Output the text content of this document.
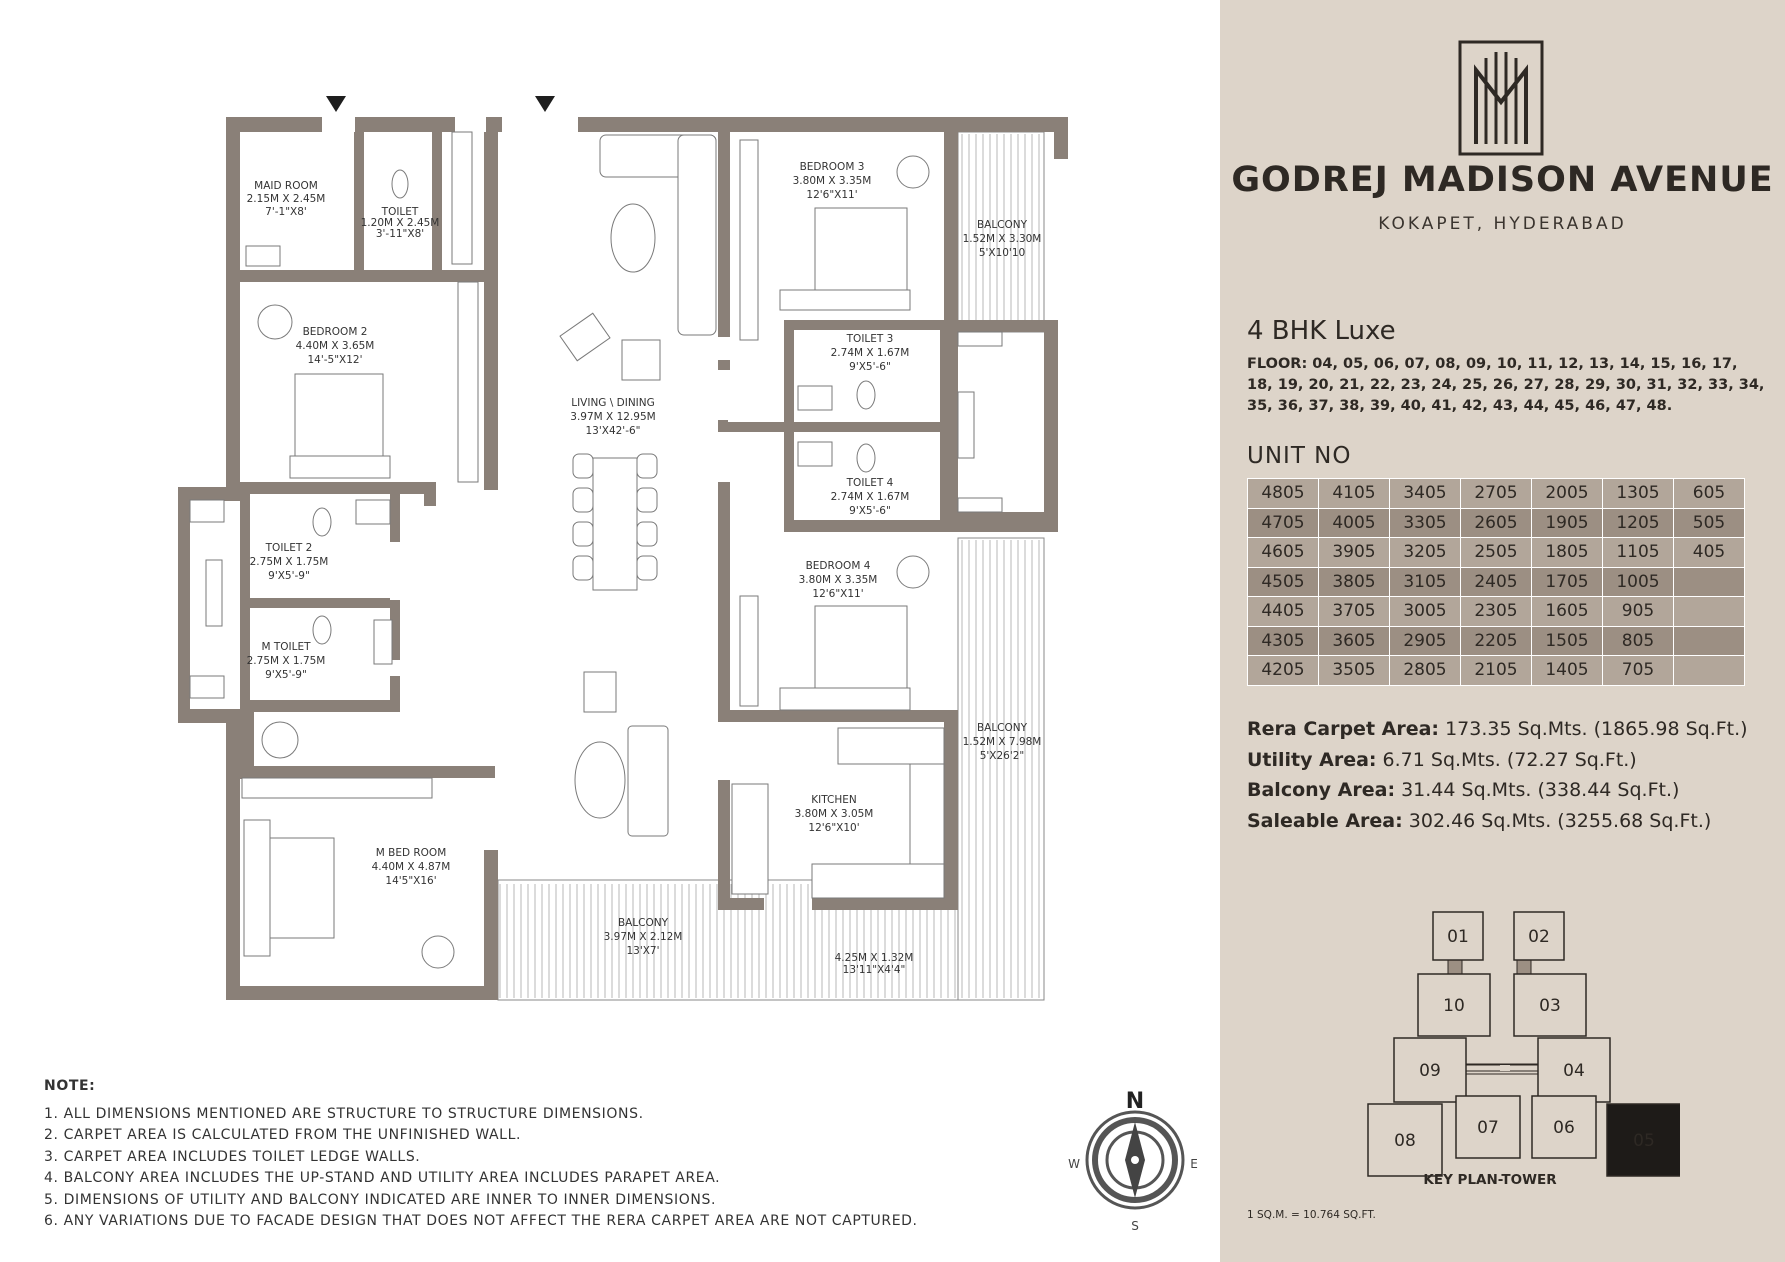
MAID ROOM 2.15M X 2.45M 7'-1"X8'	TOILET 1.20M X 2.45M 3'-11"X8'
BEDROOM 3 3.80M X 3.35M 12'6"X11'
BALCONY 1.52M X 3.30M 5'X10'10
BEDROOM 2 4.40M X 3.65M 14'-5"X12'
TOILET 3 2.74M X 1.67M 9'X5'-6"
LIVING \ DINING 3.97M X 12.95M 13'X42'-6"
TOILET 4 2.74M X 1.67M 9'X5'-6"
TOILET 2 2.75M X 1.75M 9'X5'-9"
BEDROOM 4 3.80M X 3.35M 12'6"X11'
M TOILET 2.75M X 1.75M 9'X5'-9"
BALCONY 1.52M X 7.98M 5'X26'2"
KITCHEN 3.80M X 3.05M 12'6"X10'
M BED ROOM 4.40M X 4.87M 14'5"X16'
BALCONY 3.97M X 2.12M 13'X7'
4.25M X 1.32M 13'11"X4'4"
N
S
E
W
NOTE:
1. ALL DIMENSIONS MENTIONED ARE STRUCTURE TO STRUCTURE DIMENSIONS.
2. CARPET AREA IS CALCULATED FROM THE UNFINISHED WALL.
3. CARPET AREA INCLUDES TOILET LEDGE WALLS.
4. BALCONY AREA INCLUDES THE UP-STAND AND UTILITY AREA INCLUDES PARAPET AREA.
5. DIMENSIONS OF UTILITY AND BALCONY INDICATED ARE INNER TO INNER DIMENSIONS.
6. ANY VARIATIONS DUE TO FACADE DESIGN THAT DOES NOT AFFECT THE RERA CARPET AREA ARE NOT CAPTURED.
GODREJ MADISON AVENUE
KOKAPET, HYDERABAD
4 BHK Luxe
FLOOR: 04, 05, 06, 07, 08, 09, 10, 11, 12, 13, 14, 15, 16, 17, 18, 19, 20, 21, 22, 23, 24, 25, 26, 27, 28, 29, 30, 31, 32, 33, 34, 35, 36, 37, 38, 39, 40, 41, 42, 43, 44, 45, 46, 47, 48.
UNIT NO
4805	4105	3405	2705	2005	1305	605
4705	4005	3305	2605	1905	1205	505
4605	3905	3205	2505	1805	1105	405
4505	3805	3105	2405	1705	1005	
4405	3705	3005	2305	1605	905	
4305	3605	2905	2205	1505	805	
4205	3505	2805	2105	1405	705	
Rera Carpet Area: 173.35 Sq.Mts. (1865.98 Sq.Ft.)
Utility Area: 6.71 Sq.Mts. (72.27 Sq.Ft.)
Balcony Area: 31.44 Sq.Mts. (338.44 Sq.Ft.)
Saleable Area: 302.46 Sq.Mts. (3255.68 Sq.Ft.)
01	02
10	03
09	04
08
07	06
05
KEY PLAN-TOWER
1 SQ.M. = 10.764 SQ.FT.
